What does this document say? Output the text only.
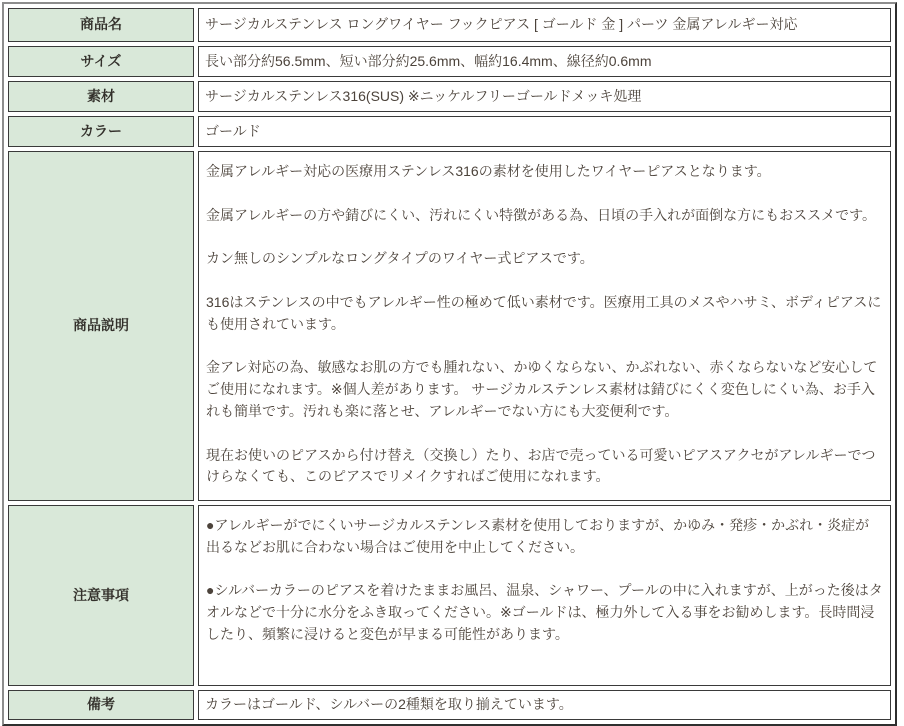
商品名	サージカルステンレス ロングワイヤー フックピアス [ ゴールド 金 ] パーツ 金属アレルギー対応
サイズ	長い部分約56.5mm、短い部分約25.6mm、幅約16.4mm、線径約0.6mm
素材	サージカルステンレス316(SUS) ※ニッケルフリーゴールドメッキ処理
カラー	ゴールド
商品説明	

金属アレルギー対応の医療用ステンレス316の素材を使用したワイヤーピアスとなります。

金属アレルギーの方や錆びにくい、汚れにくい特徴がある為、日頃の手入れが面倒な方にもおススメです。

カン無しのシンプルなロングタイプのワイヤー式ピアスです。

316はステンレスの中でもアレルギー性の極めて低い素材です。医療用工具のメスやハサミ、ボディピアスにも使用されています。

金アレ対応の為、敏感なお肌の方でも腫れない、かゆくならない、かぶれない、赤くならないなど安心してご使用になれます。※個人差があります。 サージカルステンレス素材は錆びにくく変色しにくい為、お手入れも簡単です。汚れも楽に落とせ、アレルギーでない方にも大変便利です。

現在お使いのピアスから付け替え（交換し）たり、お店で売っている可愛いピアスアクセがアレルギーでつけらなくても、このピアスでリメイクすればご使用になれます。

注意事項	●アレルギーがでにくいサージカルステンレス素材を使用しておりますが、かゆみ・発疹・かぶれ・炎症が出るなどお肌に合わない場合はご使用を中止してください。

●シルバーカラーのピアスを着けたままお風呂、温泉、シャワー、プールの中に入れますが、上がった後はタオルなどで十分に水分をふき取ってください。※ゴールドは、極力外して入る事をお勧めします。長時間浸したり、頻繁に浸けると変色が早まる可能性があります。

備考	カラーはゴールド、シルバーの2種類を取り揃えています。
